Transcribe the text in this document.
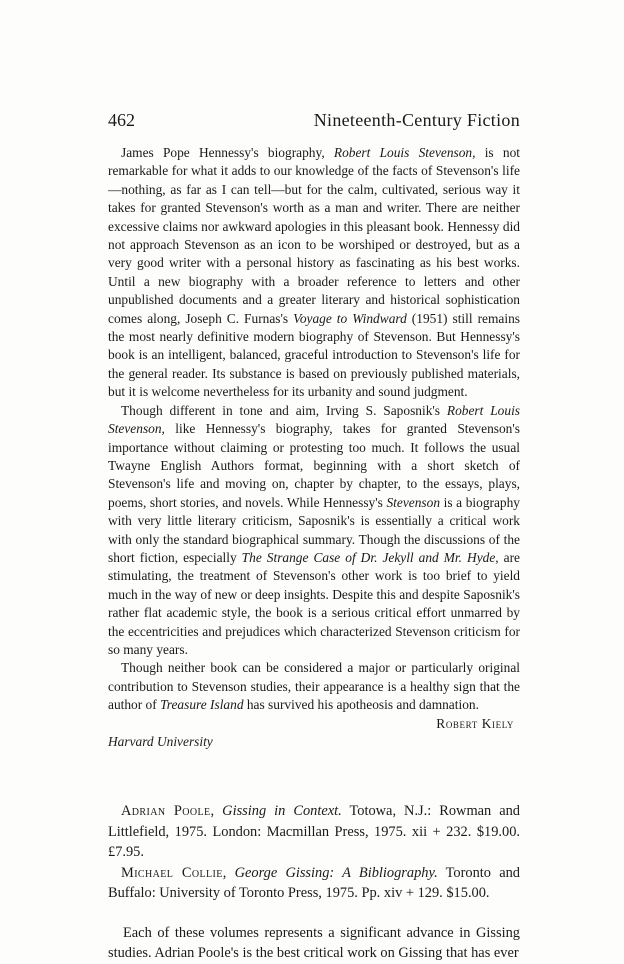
462	Nineteenth-Century Fiction

James Pope Hennessy's biography, Robert Louis Stevenson, is not remarkable for what it adds to our knowledge of the facts of Stevenson's life—nothing, as far as I can tell—but for the calm, cultivated, serious way it takes for granted Stevenson's worth as a man and writer. There are neither excessive claims nor awkward apologies in this pleasant book. Hennessy did not approach Stevenson as an icon to be worshiped or destroyed, but as a very good writer with a personal history as fascinating as his best works. Until a new biography with a broader reference to letters and other unpublished documents and a greater literary and historical sophistication comes along, Joseph C. Furnas's Voyage to Windward (1951) still remains the most nearly definitive modern biography of Stevenson. But Hennessy's book is an intelligent, balanced, graceful introduction to Stevenson's life for the general reader. Its substance is based on previously published materials, but it is welcome nevertheless for its urbanity and sound judgment.

Though different in tone and aim, Irving S. Saposnik's Robert Louis Stevenson, like Hennessy's biography, takes for granted Stevenson's importance without claiming or protesting too much. It follows the usual Twayne English Authors format, beginning with a short sketch of Stevenson's life and moving on, chapter by chapter, to the essays, plays, poems, short stories, and novels. While Hennessy's Stevenson is a biography with very little literary criticism, Saposnik's is essentially a critical work with only the standard biographical summary. Though the discussions of the short fiction, especially The Strange Case of Dr. Jekyll and Mr. Hyde, are stimulating, the treatment of Stevenson's other work is too brief to yield much in the way of new or deep insights. Despite this and despite Saposnik's rather flat academic style, the book is a serious critical effort unmarred by the eccentricities and prejudices which characterized Stevenson criticism for so many years.

Though neither book can be considered a major or particularly original contribution to Stevenson studies, their appearance is a healthy sign that the author of Treasure Island has survived his apotheosis and damnation.

Robert Kiely
Harvard University

Adrian Poole, Gissing in Context. Totowa, N.J.: Rowman and Littlefield, 1975. London: Macmillan Press, 1975. xii + 232. $19.00. £7.95.

Michael Collie, George Gissing: A Bibliography. Toronto and Buffalo: University of Toronto Press, 1975. Pp. xiv + 129. $15.00.

Each of these volumes represents a significant advance in Gissing studies. Adrian Poole's is the best critical work on Gissing that has ever
